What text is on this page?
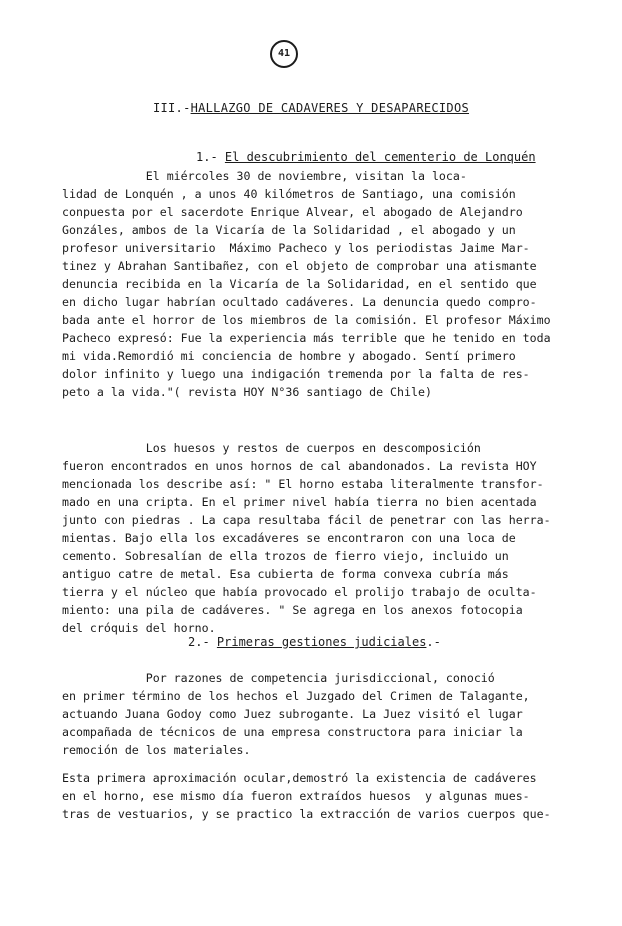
41
III.-HALLAZGO DE CADAVERES Y DESAPARECIDOS
1.- El descubrimiento del cementerio de Lonquén
El miércoles 30 de noviembre, visitan la loca-
lidad de Lonquén , a unos 40 kilómetros de Santiago, una comisión
conpuesta por el sacerdote Enrique Alvear, el abogado de Alejandro
Gonzáles, ambos de la Vicaría de la Solidaridad , el abogado y un
profesor universitario  Máximo Pacheco y los periodistas Jaime Mar-
tinez y Abrahan Santibañez, con el objeto de comprobar una atismante
denuncia recibida en la Vicaría de la Solidaridad, en el sentido que
en dicho lugar habrían ocultado cadáveres. La denuncia quedo compro-
bada ante el horror de los miembros de la comisión. El profesor Máximo
Pacheco expresó: Fue la experiencia más terrible que he tenido en toda
mi vida.Remordió mi conciencia de hombre y abogado. Sentí primero
dolor infinito y luego una indigación tremenda por la falta de res-
peto a la vida."( revista HOY N°36 santiago de Chile)
Los huesos y restos de cuerpos en descomposición
fueron encontrados en unos hornos de cal abandonados. La revista HOY
mencionada los describe así: " El horno estaba literalmente transfor-
mado en una cripta. En el primer nivel había tierra no bien acentada
junto con piedras . La capa resultaba fácil de penetrar con las herra-
mientas. Bajo ella los excadáveres se encontraron con una loca de
cemento. Sobresalían de ella trozos de fierro viejo, incluido un
antiguo catre de metal. Esa cubierta de forma convexa cubría más
tierra y el núcleo que había provocado el prolijo trabajo de oculta-
miento: una pila de cadáveres. " Se agrega en los anexos fotocopia
del cróquis del horno.
2.- Primeras gestiones judiciales.-
Por razones de competencia jurisdiccional, conoció
en primer término de los hechos el Juzgado del Crimen de Talagante,
actuando Juana Godoy como Juez subrogante. La Juez visitó el lugar
acompañada de técnicos de una empresa constructora para iniciar la
remoción de los materiales.
Esta primera aproximación ocular,demostró la existencia de cadáveres
en el horno, ese mismo día fueron extraídos huesos  y algunas mues-
tras de vestuarios, y se practico la extracción de varios cuerpos que-
